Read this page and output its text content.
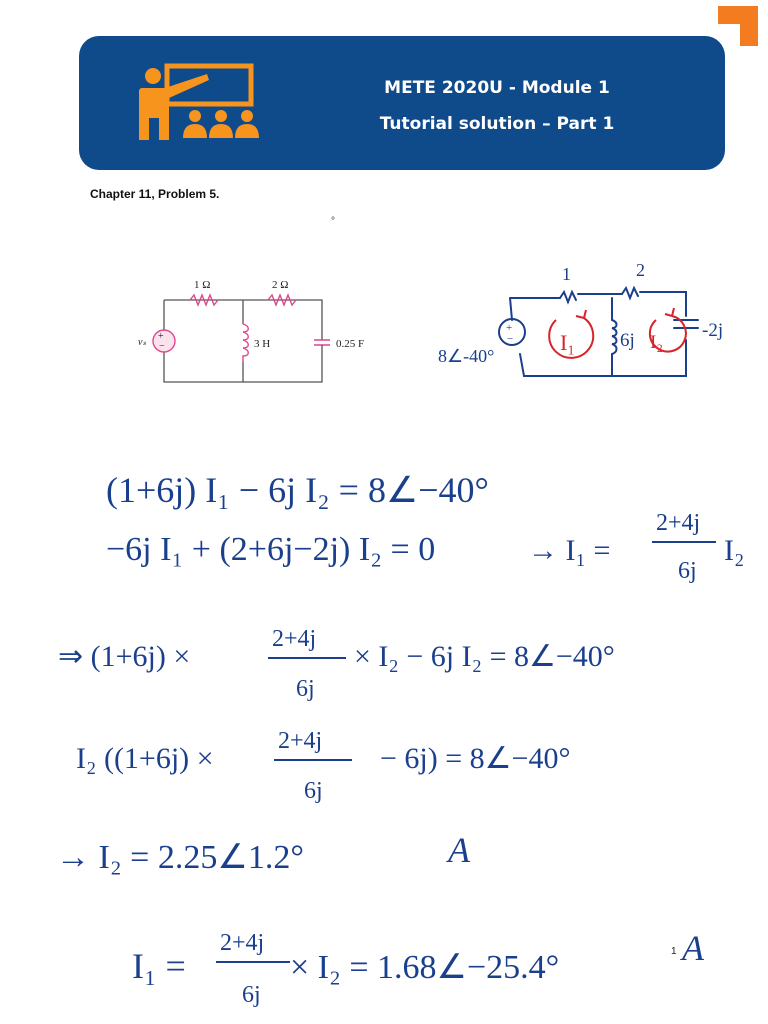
METE 2020U - Module 1
Tutorial solution – Part 1
Chapter 11, Problem 5.
°
+
−
vₛ
1 Ω	2 Ω
3 H	0.25 F
+
−
1	2
8∠-40°
6j	-2j
I₁	I₂
(1+6j) I₁ − 6j I₂ = 8∠−40°
−6j I₁ + (2+6j−2j) I₂ = 0	→ I₁ =
2+4j
6j
I₂
⇒ (1+6j) ×
2+4j
6j
× I₂ − 6j I₂ = 8∠−40°
I₂ ((1+6j) ×
2+4j
6j
− 6j) = 8∠−40°
→ I₂ = 2.25∠1.2°	A
I₁ =
2+4j
6j
× I₂ = 1.68∠−25.4°	A
1
